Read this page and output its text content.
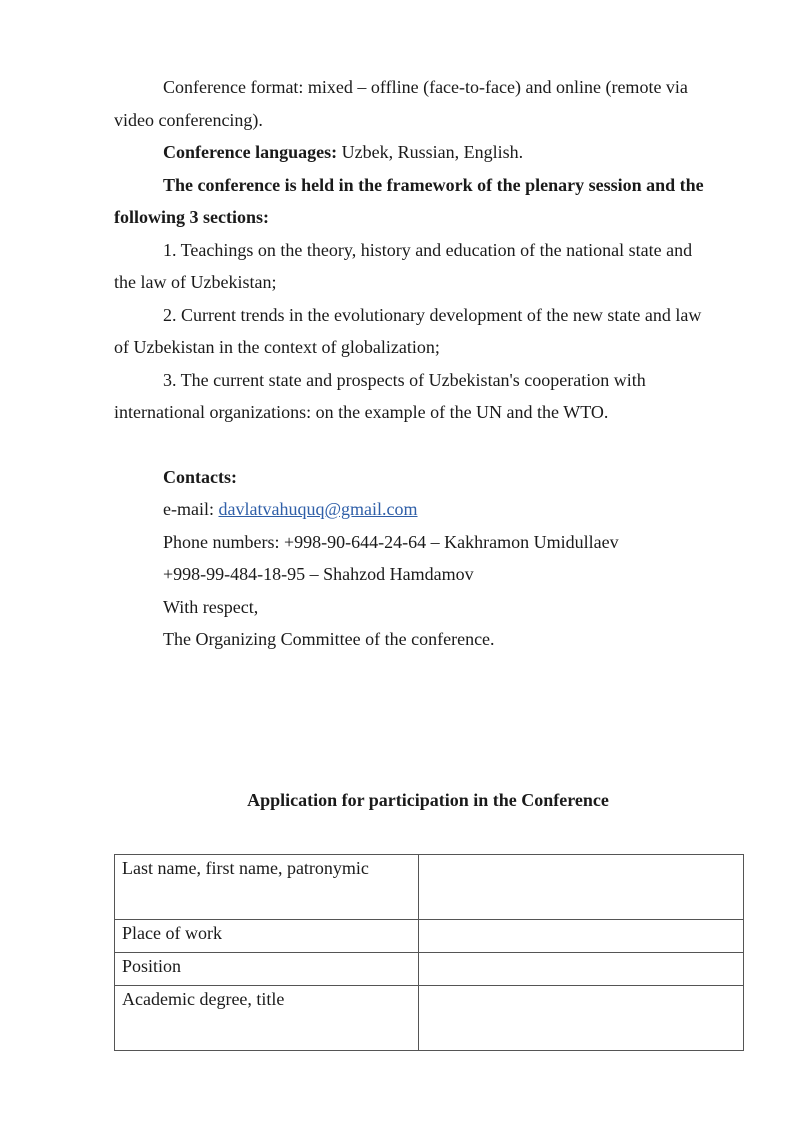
Conference format: mixed – offline (face-to-face) and online (remote via
video conferencing).
Conference languages: Uzbek, Russian, English.
The conference is held in the framework of the plenary session and the
following 3 sections:
1. Teachings on the theory, history and education of the national state and
the law of Uzbekistan;
2. Current trends in the evolutionary development of the new state and law
of Uzbekistan in the context of globalization;
3. The current state and prospects of Uzbekistan's cooperation with
international organizations: on the example of the UN and the WTO.
Contacts:
e-mail: davlatvahuquq@gmail.com
Phone numbers: +998-90-644-24-64 – Kakhramon Umidullaev
+998-99-484-18-95 – Shahzod Hamdamov
With respect,
The Organizing Committee of the conference.
Application for participation in the Conference
Last name, first name, patronymic	
Place of work	
Position	
Academic degree, title	
